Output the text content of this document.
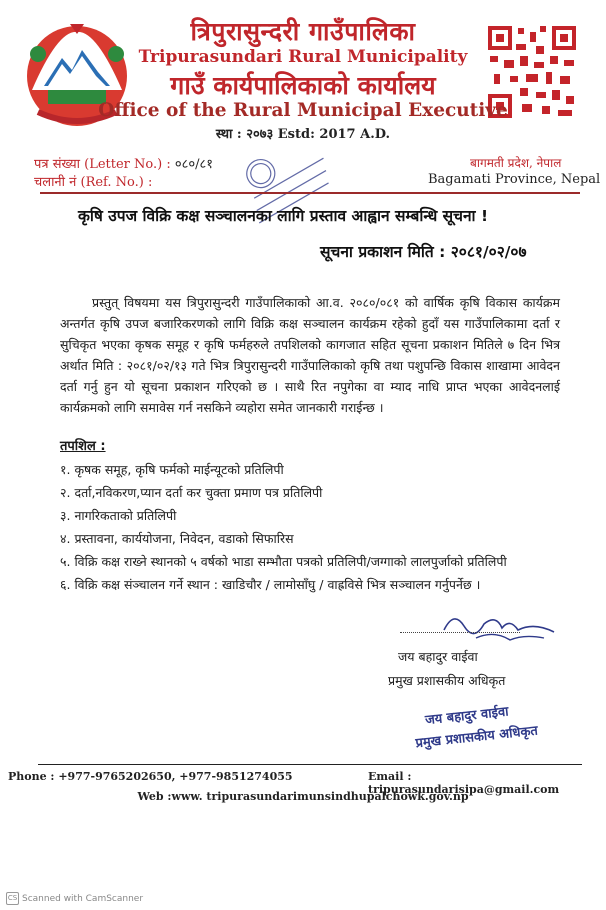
त्रिपुरासुन्दरी गाउँपालिका
Tripurasundari Rural Municipality
गाउँ कार्यपालिकाको कार्यालय
Office of the Rural Municipal Executive
स्था : २०७३ Estd: 2017 A.D.
पत्र संख्या (Letter No.) : ०८०/८१
चलानी नं (Ref. No.) :
बागमती प्रदेश, नेपाल
Bagamati Province, Nepal
कृषि उपज विक्रि कक्ष सञ्चालनका लागि प्रस्ताव आह्वान सम्बन्धि सूचना !
सूचना प्रकाशन मिति : २०८१/०२/०७
प्रस्तुत् विषयमा यस त्रिपुरासुन्दरी गाउँपालिकाको आ.व. २०८०/०८१ को वार्षिक कृषि विकास कार्यक्रम अन्तर्गत कृषि उपज बजारिकरणको लागि विक्रि कक्ष सञ्चालन कार्यक्रम रहेको हुदाँ यस गाउँपालिकामा दर्ता र सुचिकृत भएका कृषक समूह र कृषि फर्महरुले तपशिलको कागजात सहित सूचना प्रकाशन मितिले ७ दिन भित्र अर्थात मिति : २०८१/०२/१३ गते भित्र त्रिपुरासुन्दरी गाउँपालिकाको कृषि तथा पशुपन्छि विकास शाखामा आवेदन दर्ता गर्नु हुन यो सूचना प्रकाशन गरिएको छ । साथै रित नपुगेका वा म्याद नाधि प्राप्त भएका आवेदनलाई कार्यक्रमको लागि समावेस गर्न नसकिने व्यहोरा समेत जानकारी गराईन्छ ।
तपशिल :
१. कृषक समूह, कृषि फर्मको माईन्यूटको प्रतिलिपी
२. दर्ता,नविकरण,प्यान दर्ता कर चुक्ता प्रमाण पत्र प्रतिलिपी
३. नागरिकताको प्रतिलिपी
४. प्रस्तावना, कार्ययोजना, निवेदन, वडाको सिफारिस
५. विक्रि कक्ष राख्ने स्थानको ५ वर्षको भाडा सम्भौता पत्रको प्रतिलिपी/जग्गाको लालपुर्जाको प्रतिलिपी
६. विक्रि कक्ष संञ्चालन गर्ने स्थान : खाडिचौर / लामोसाँघु / वाह्रविसे भित्र सञ्चालन गर्नुपर्नेछ ।
जय बहादुर वाईवा
प्रमुख प्रशासकीय अधिकृत
जय बहादुर वाईवा
प्रमुख प्रशासकीय अधिकृत
Phone : +977-9765202650, +977-9851274055	Email : tripurasundarisipa@gmail.com
Web :www. tripurasundarimunsindhupalchowk.gov.np
CS Scanned with CamScanner
